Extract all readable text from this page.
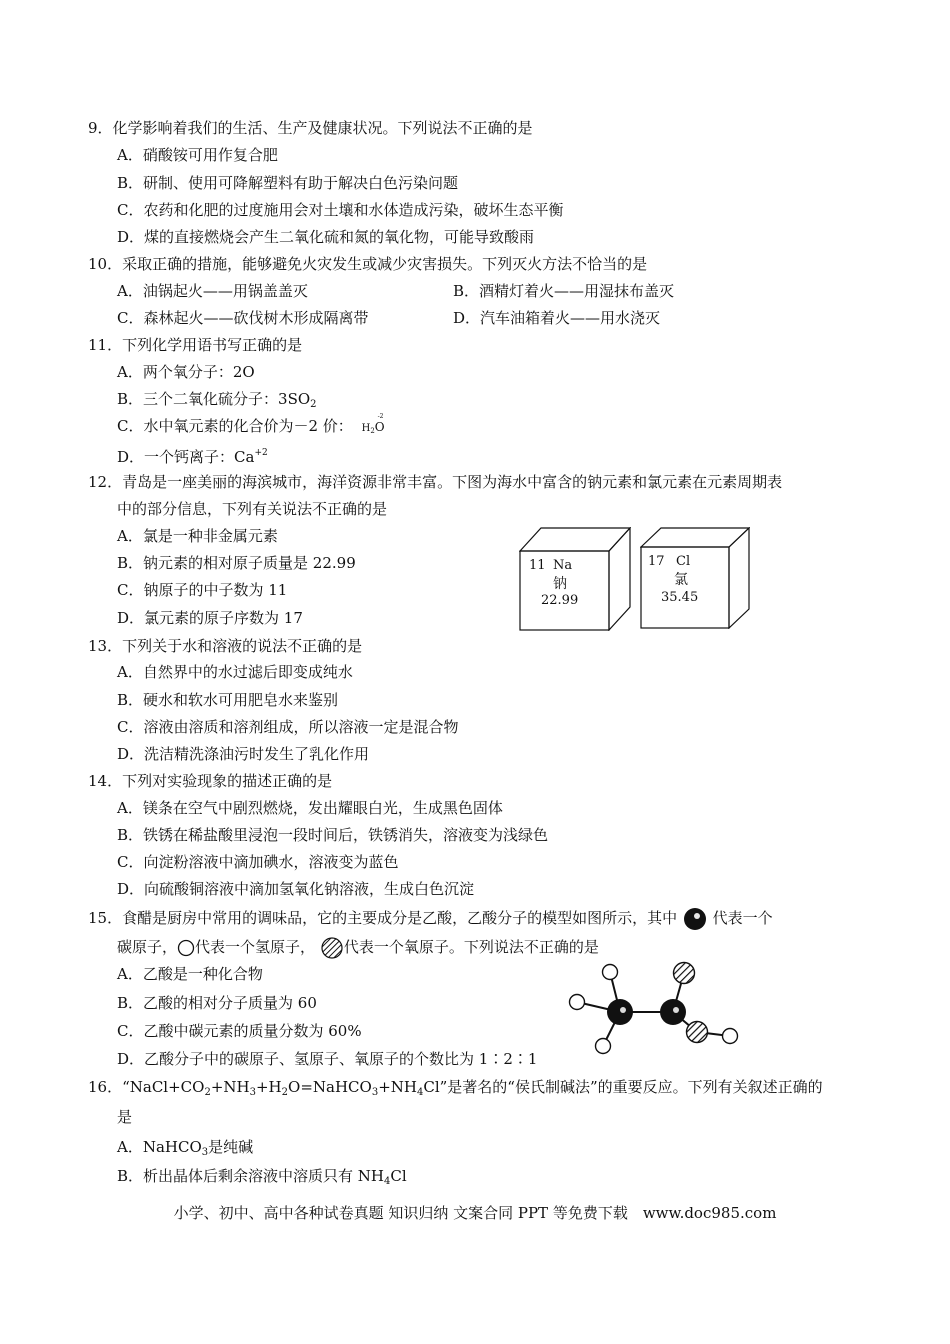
9．化学影响着我们的生活、生产及健康状况。下列说法不正确的是
A．硝酸铵可用作复合肥
B．研制、使用可降解塑料有助于解决白色污染问题
C．农药和化肥的过度施用会对土壤和水体造成污染，破坏生态平衡
D．煤的直接燃烧会产生二氧化硫和氮的氧化物，可能导致酸雨
10．采取正确的措施，能够避免火灾发生或减少灾害损失。下列灭火方法不恰当的是
A．油锅起火——用锅盖盖灭	B．酒精灯着火——用湿抹布盖灭
C．森林起火——砍伐树木形成隔离带	D．汽车油箱着火——用水浇灭
11．下列化学用语书写正确的是
A．两个氧分子：2O
B．三个二氧化硫分子：$3SO_2$
C．水中氧元素的化合价为－2 价： $H_2O$
-2
D．一个钙离子：$Ca^{+2}$
12．青岛是一座美丽的海滨城市，海洋资源非常丰富。下图为海水中富含的钠元素和氯元素在元素周期表
中的部分信息，下列有关说法不正确的是
A．氯是一种非金属元素
B．钠元素的相对原子质量是 22.99
C．钠原子的中子数为 11
D．氯元素的原子序数为 17
11 Na
钠
22.99
17 Cl
氯
35.45
13．下列关于水和溶液的说法不正确的是
A．自然界中的水过滤后即变成纯水
B．硬水和软水可用肥皂水来鉴别
C．溶液由溶质和溶剂组成，所以溶液一定是混合物
D．洗洁精洗涤油污时发生了乳化作用
14．下列对实验现象的描述正确的是
A．镁条在空气中剧烈燃烧，发出耀眼白光，生成黑色固体
B．铁锈在稀盐酸里浸泡一段时间后，铁锈消失，溶液变为浅绿色
C．向淀粉溶液中滴加碘水，溶液变为蓝色
D．向硫酸铜溶液中滴加氢氧化钠溶液，生成白色沉淀
15．食醋是厨房中常用的调味品，它的主要成分是乙酸，乙酸分子的模型如图所示，其中 代表一个
碳原子， 代表一个氢原子， 代表一个氧原子。下列说法不正确的是
A．乙酸是一种化合物
B．乙酸的相对分子质量为 60
C．乙酸中碳元素的质量分数为 60%
D．乙酸分子中的碳原子、氢原子、氧原子的个数比为 1∶2∶1
16．“$NaCl+CO_2+NH_3+H_2O=NaHCO_3+NH_4Cl$”是著名的“侯氏制碱法”的重要反应。下列有关叙述正确的
是
A．NaHCO$_3$是纯碱
B．析出晶体后剩余溶液中溶质只有 $NH_4Cl$
小学、初中、高中各种试卷真题 知识归纳 文案合同 PPT 等免费下载　www.doc985.com
